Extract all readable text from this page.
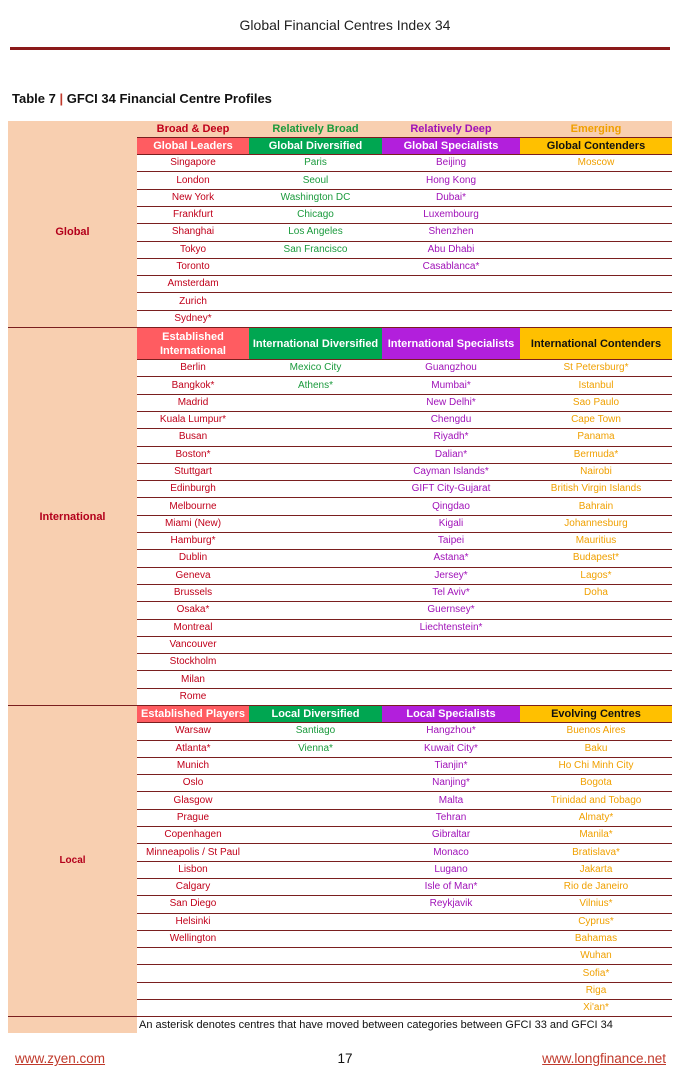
Global Financial Centres Index 34
Table 7 | GFCI 34 Financial Centre Profiles
	Broad & Deep	Relatively Broad	Relatively Deep	Emerging
Global	Global Leaders	Global Diversified	Global Specialists	Global Contenders
	Singapore	Paris	Beijing	Moscow
	London	Seoul	Hong Kong	
	New York	Washington DC	Dubai*	
	Frankfurt	Chicago	Luxembourg	
	Shanghai	Los Angeles	Shenzhen	
	Tokyo	San Francisco	Abu Dhabi	
	Toronto		Casablanca*	
	Amsterdam			
	Zurich			
	Sydney*			
International	Established International	International Diversified	International Specialists	International Contenders
	Berlin	Mexico City	Guangzhou	St Petersburg*
	Bangkok*	Athens*	Mumbai*	Istanbul
	Madrid		New Delhi*	Sao Paulo
	Kuala Lumpur*		Chengdu	Cape Town
	Busan		Riyadh*	Panama
	Boston*		Dalian*	Bermuda*
	Stuttgart		Cayman Islands*	Nairobi
	Edinburgh		GIFT City-Gujarat	British Virgin Islands
	Melbourne		Qingdao	Bahrain
	Miami (New)		Kigali	Johannesburg
	Hamburg*		Taipei	Mauritius
	Dublin		Astana*	Budapest*
	Geneva		Jersey*	Lagos*
	Brussels		Tel Aviv*	Doha
	Osaka*		Guernsey*	
	Montreal		Liechtenstein*	
	Vancouver			
	Stockholm			
	Milan			
	Rome			
Local	Established Players	Local Diversified	Local Specialists	Evolving Centres
	Warsaw	Santiago	Hangzhou*	Buenos Aires
	Atlanta*	Vienna*	Kuwait City*	Baku
	Munich		Tianjin*	Ho Chi Minh City
	Oslo		Nanjing*	Bogota
	Glasgow		Malta	Trinidad and Tobago
	Prague		Tehran	Almaty*
	Copenhagen		Gibraltar	Manila*
	Minneapolis / St Paul		Monaco	Bratislava*
	Lisbon		Lugano	Jakarta
	Calgary		Isle of Man*	Rio de Janeiro
	San Diego		Reykjavik	Vilnius*
	Helsinki			Cyprus*
	Wellington			Bahamas
				Wuhan
				Sofia*
				Riga
				Xi'an*
	An asterisk denotes centres that have moved between categories between GFCI 33 and GFCI 34			
www.zyen.com	17	www.longfinance.net
